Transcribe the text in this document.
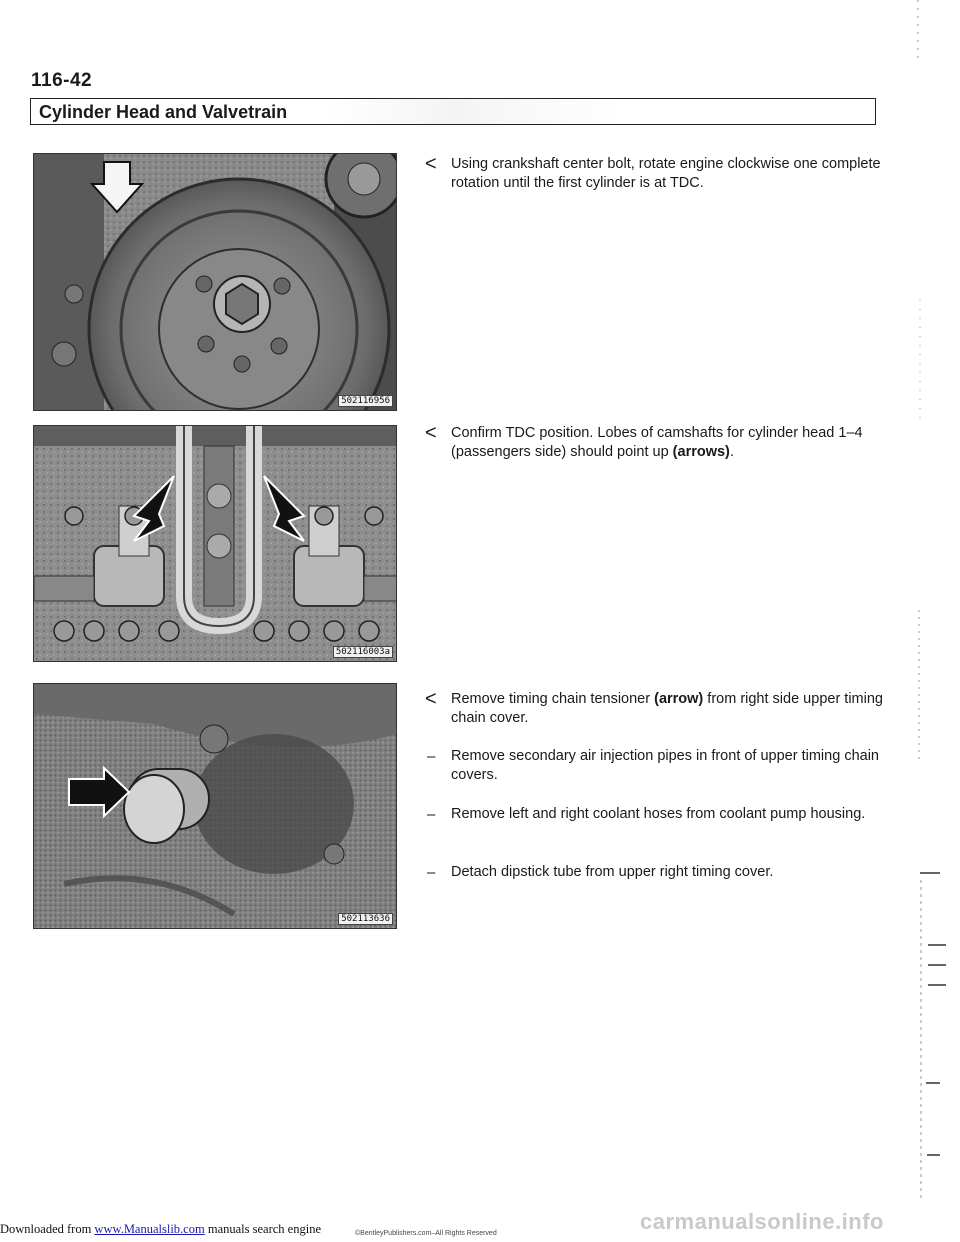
116-42
Cylinder Head and Valvetrain
502116956
502116003a
502113636
< Using crankshaft center bolt, rotate engine clockwise one complete rotation until the first cylinder is at TDC.
< Confirm TDC position. Lobes of camshafts for cylinder head 1–4 (passengers side) should point up (arrows).
< Remove timing chain tensioner (arrow) from right side upper timing chain cover.
– Remove secondary air injection pipes in front of upper timing chain covers.
– Remove left and right coolant hoses from coolant pump housing.
– Detach dipstick tube from upper right timing cover.
carmanualsonline.info
©BentleyPublishers.com–All Rights Reserved
Downloaded from www.Manualslib.com manuals search engine
